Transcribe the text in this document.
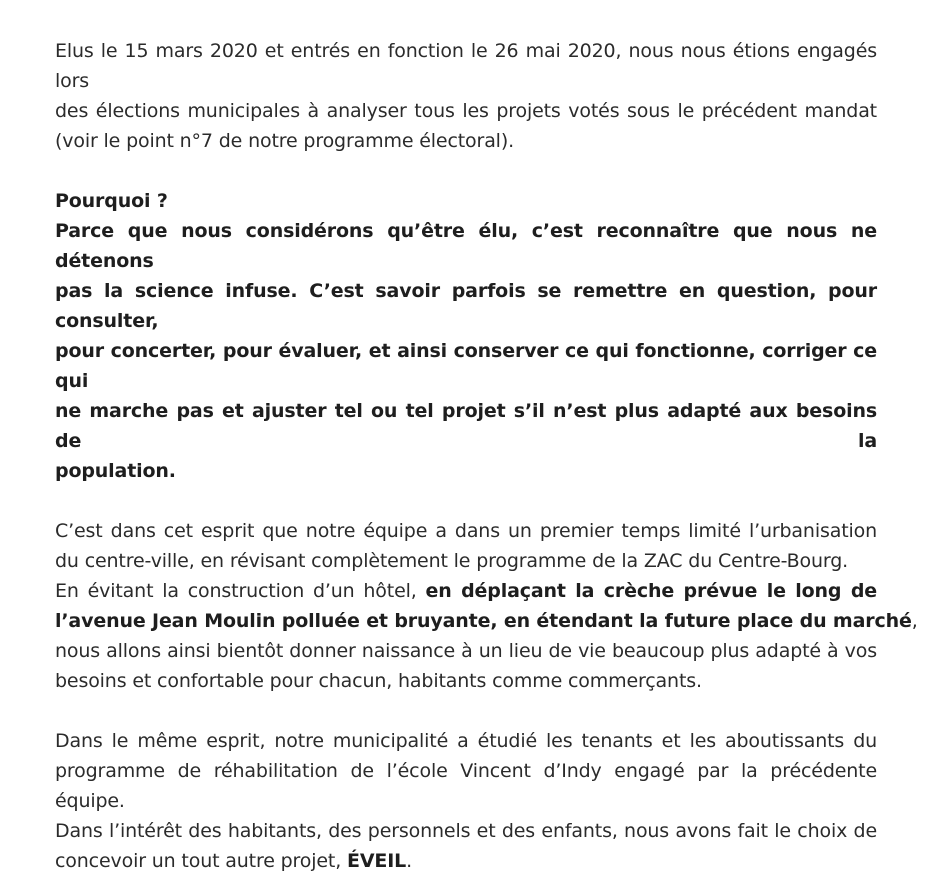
Elus le 15 mars 2020 et entrés en fonction le 26 mai 2020, nous nous étions engagés lors
des élections municipales à analyser tous les projets votés sous le précédent mandat
(voir le point n°7 de notre programme électoral).

Pourquoi ?
Parce que nous considérons qu’être élu, c’est reconnaître que nous ne détenons
pas la science infuse. C’est savoir parfois se remettre en question, pour consulter,
pour concerter, pour évaluer, et ainsi conserver ce qui fonctionne, corriger ce qui
ne marche pas et ajuster tel ou tel projet s’il n’est plus adapté aux besoins de la
population.

C’est dans cet esprit que notre équipe a dans un premier temps limité l’urbanisation
du centre-ville, en révisant complètement le programme de la ZAC du Centre-Bourg.
En évitant la construction d’un hôtel, en déplaçant la crèche prévue le long de
l’avenue Jean Moulin polluée et bruyante, en étendant la future place du marché,
nous allons ainsi bientôt donner naissance à un lieu de vie beaucoup plus adapté à vos
besoins et confortable pour chacun, habitants comme commerçants.

Dans le même esprit, notre municipalité a étudié les tenants et les aboutissants du
programme de réhabilitation de l’école Vincent d’Indy engagé par la précédente
équipe.
Dans l’intérêt des habitants, des personnels et des enfants, nous avons fait le choix de
concevoir un tout autre projet, ÉVEIL.
